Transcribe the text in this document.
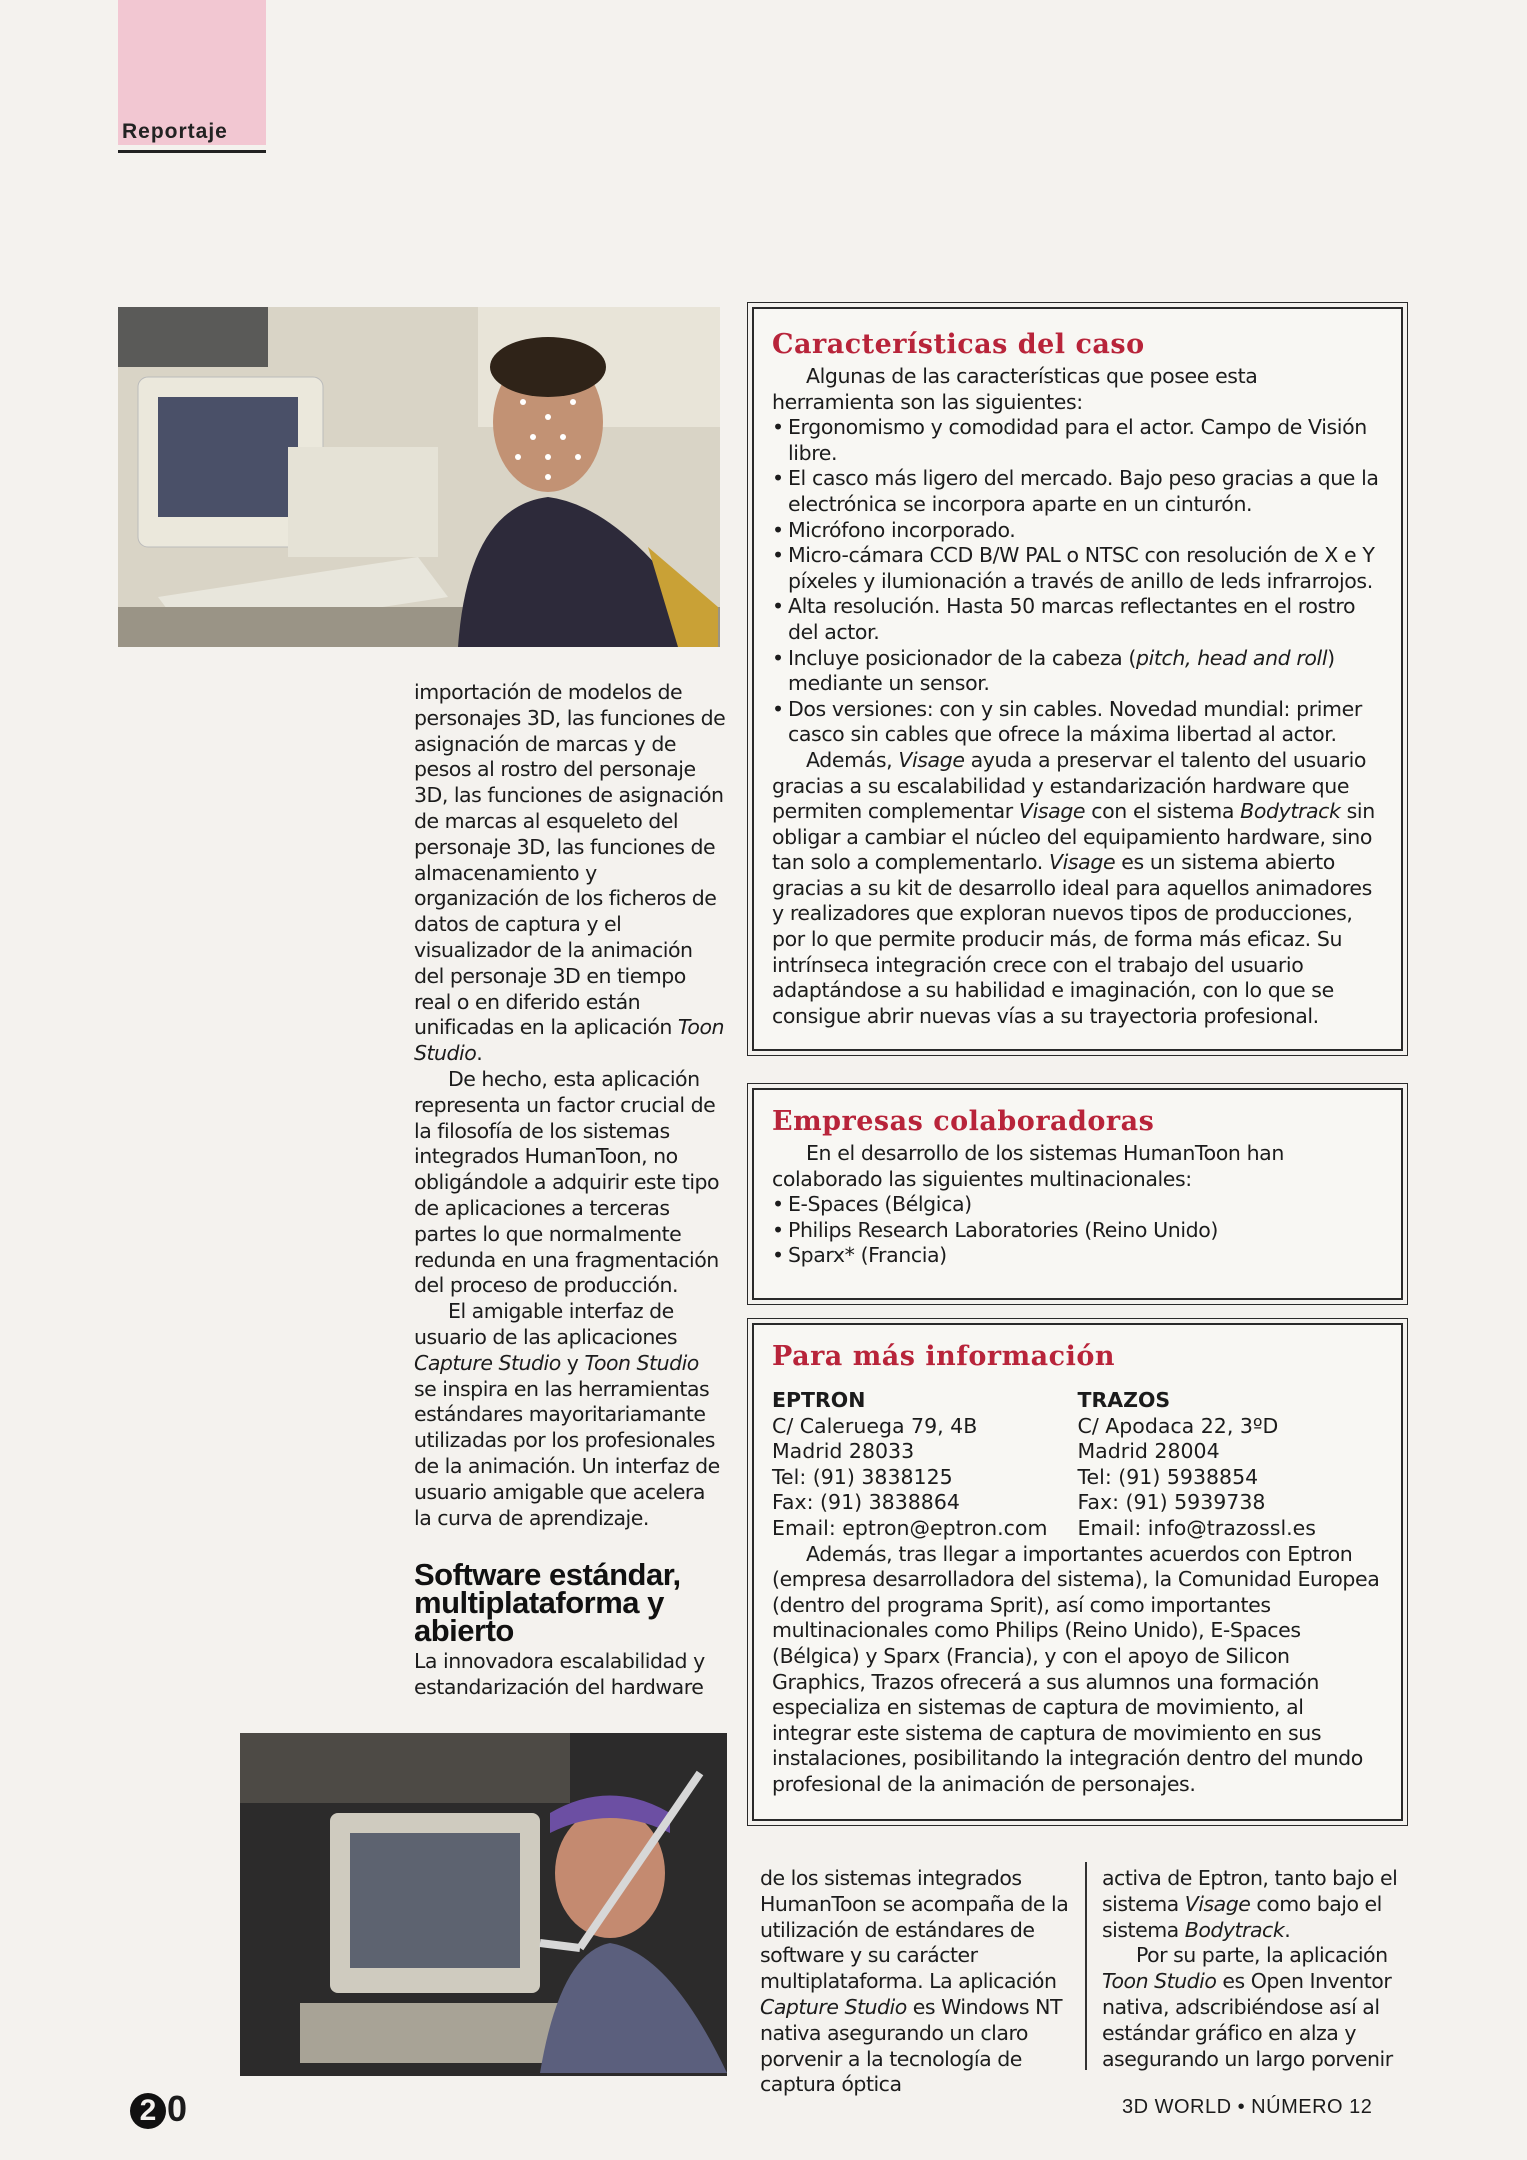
Reportaje

importación de modelos de personajes 3D, las funciones de asignación de marcas y de pesos al rostro del personaje 3D, las funciones de asignación de marcas al esqueleto del personaje 3D, las funciones de almacenamiento y organización de los ficheros de datos de captura y el visualizador de la animación del personaje 3D en tiempo real o en diferido están unificadas en la aplicación Toon Studio.

De hecho, esta aplicación representa un factor crucial de la filosofía de los sistemas integrados HumanToon, no obligándole a adquirir este tipo de aplicaciones a terceras partes lo que normalmente redunda en una fragmentación del proceso de producción.

El amigable interfaz de usuario de las aplicaciones Capture Studio y Toon Studio se inspira en las herramientas estándares mayoritariamante utilizadas por los profesionales de la animación. Un interfaz de usuario amigable que acelera la curva de aprendizaje.

Software estándar, multiplataforma y abierto

La innovadora escalabilidad y estandarización del hardware

Características del caso

Algunas de las características que posee esta herramienta son las siguientes:

• Ergonomismo y comodidad para el actor. Campo de Visión libre.

• El casco más ligero del mercado. Bajo peso gracias a que la electrónica se incorpora aparte en un cinturón.

• Micrófono incorporado.

• Micro-cámara CCD B/W PAL o NTSC con resolución de X e Y píxeles y ilumionación a través de anillo de leds infrarrojos.

• Alta resolución. Hasta 50 marcas reflectantes en el rostro del actor.

• Incluye posicionador de la cabeza (pitch, head and roll) mediante un sensor.

• Dos versiones: con y sin cables. Novedad mundial: primer casco sin cables que ofrece la máxima libertad al actor.

Además, Visage ayuda a preservar el talento del usuario gracias a su escalabilidad y estandarización hardware que permiten complementar Visage con el sistema Bodytrack sin obligar a cambiar el núcleo del equipamiento hardware, sino tan solo a complementarlo. Visage es un sistema abierto gracias a su kit de desarrollo ideal para aquellos animadores y realizadores que exploran nuevos tipos de producciones, por lo que permite producir más, de forma más eficaz. Su intrínseca integración crece con el trabajo del usuario adaptándose a su habilidad e imaginación, con lo que se consigue abrir nuevas vías a su trayectoria profesional.

Empresas colaboradoras

En el desarrollo de los sistemas HumanToon han colaborado las siguientes multinacionales:

• E-Spaces (Bélgica)

• Philips Research Laboratories (Reino Unido)

• Sparx* (Francia)

Para más información
EPTRON
C/ Caleruega 79, 4B
Madrid 28033
Tel: (91) 3838125
Fax: (91) 3838864
Email: eptron@eptron.com
TRAZOS
C/ Apodaca 22, 3ºD
Madrid 28004
Tel: (91) 5938854
Fax: (91) 5939738
Email: info@trazossl.es

Además, tras llegar a importantes acuerdos con Eptron (empresa desarrolladora del sistema), la Comunidad Europea (dentro del programa Sprit), así como importantes multinacionales como Philips (Reino Unido), E-Spaces (Bélgica) y Sparx (Francia), y con el apoyo de Silicon Graphics, Trazos ofrecerá a sus alumnos una formación especializa en sistemas de captura de movimiento, al integrar este sistema de captura de movimiento en sus instalaciones, posibilitando la integración dentro del mundo profesional de la animación de personajes.

de los sistemas integrados HumanToon se acompaña de la utilización de estándares de software y su carácter multiplataforma. La aplicación Capture Studio es Windows NT nativa asegurando un claro porvenir a la tecnología de captura óptica

activa de Eptron, tanto bajo el sistema Visage como bajo el sistema Bodytrack.

Por su parte, la aplicación Toon Studio es Open Inventor nativa, adscribiéndose así al estándar gráfico en alza y asegurando un largo porvenir

2 0	3D WORLD • NÚMERO 12
